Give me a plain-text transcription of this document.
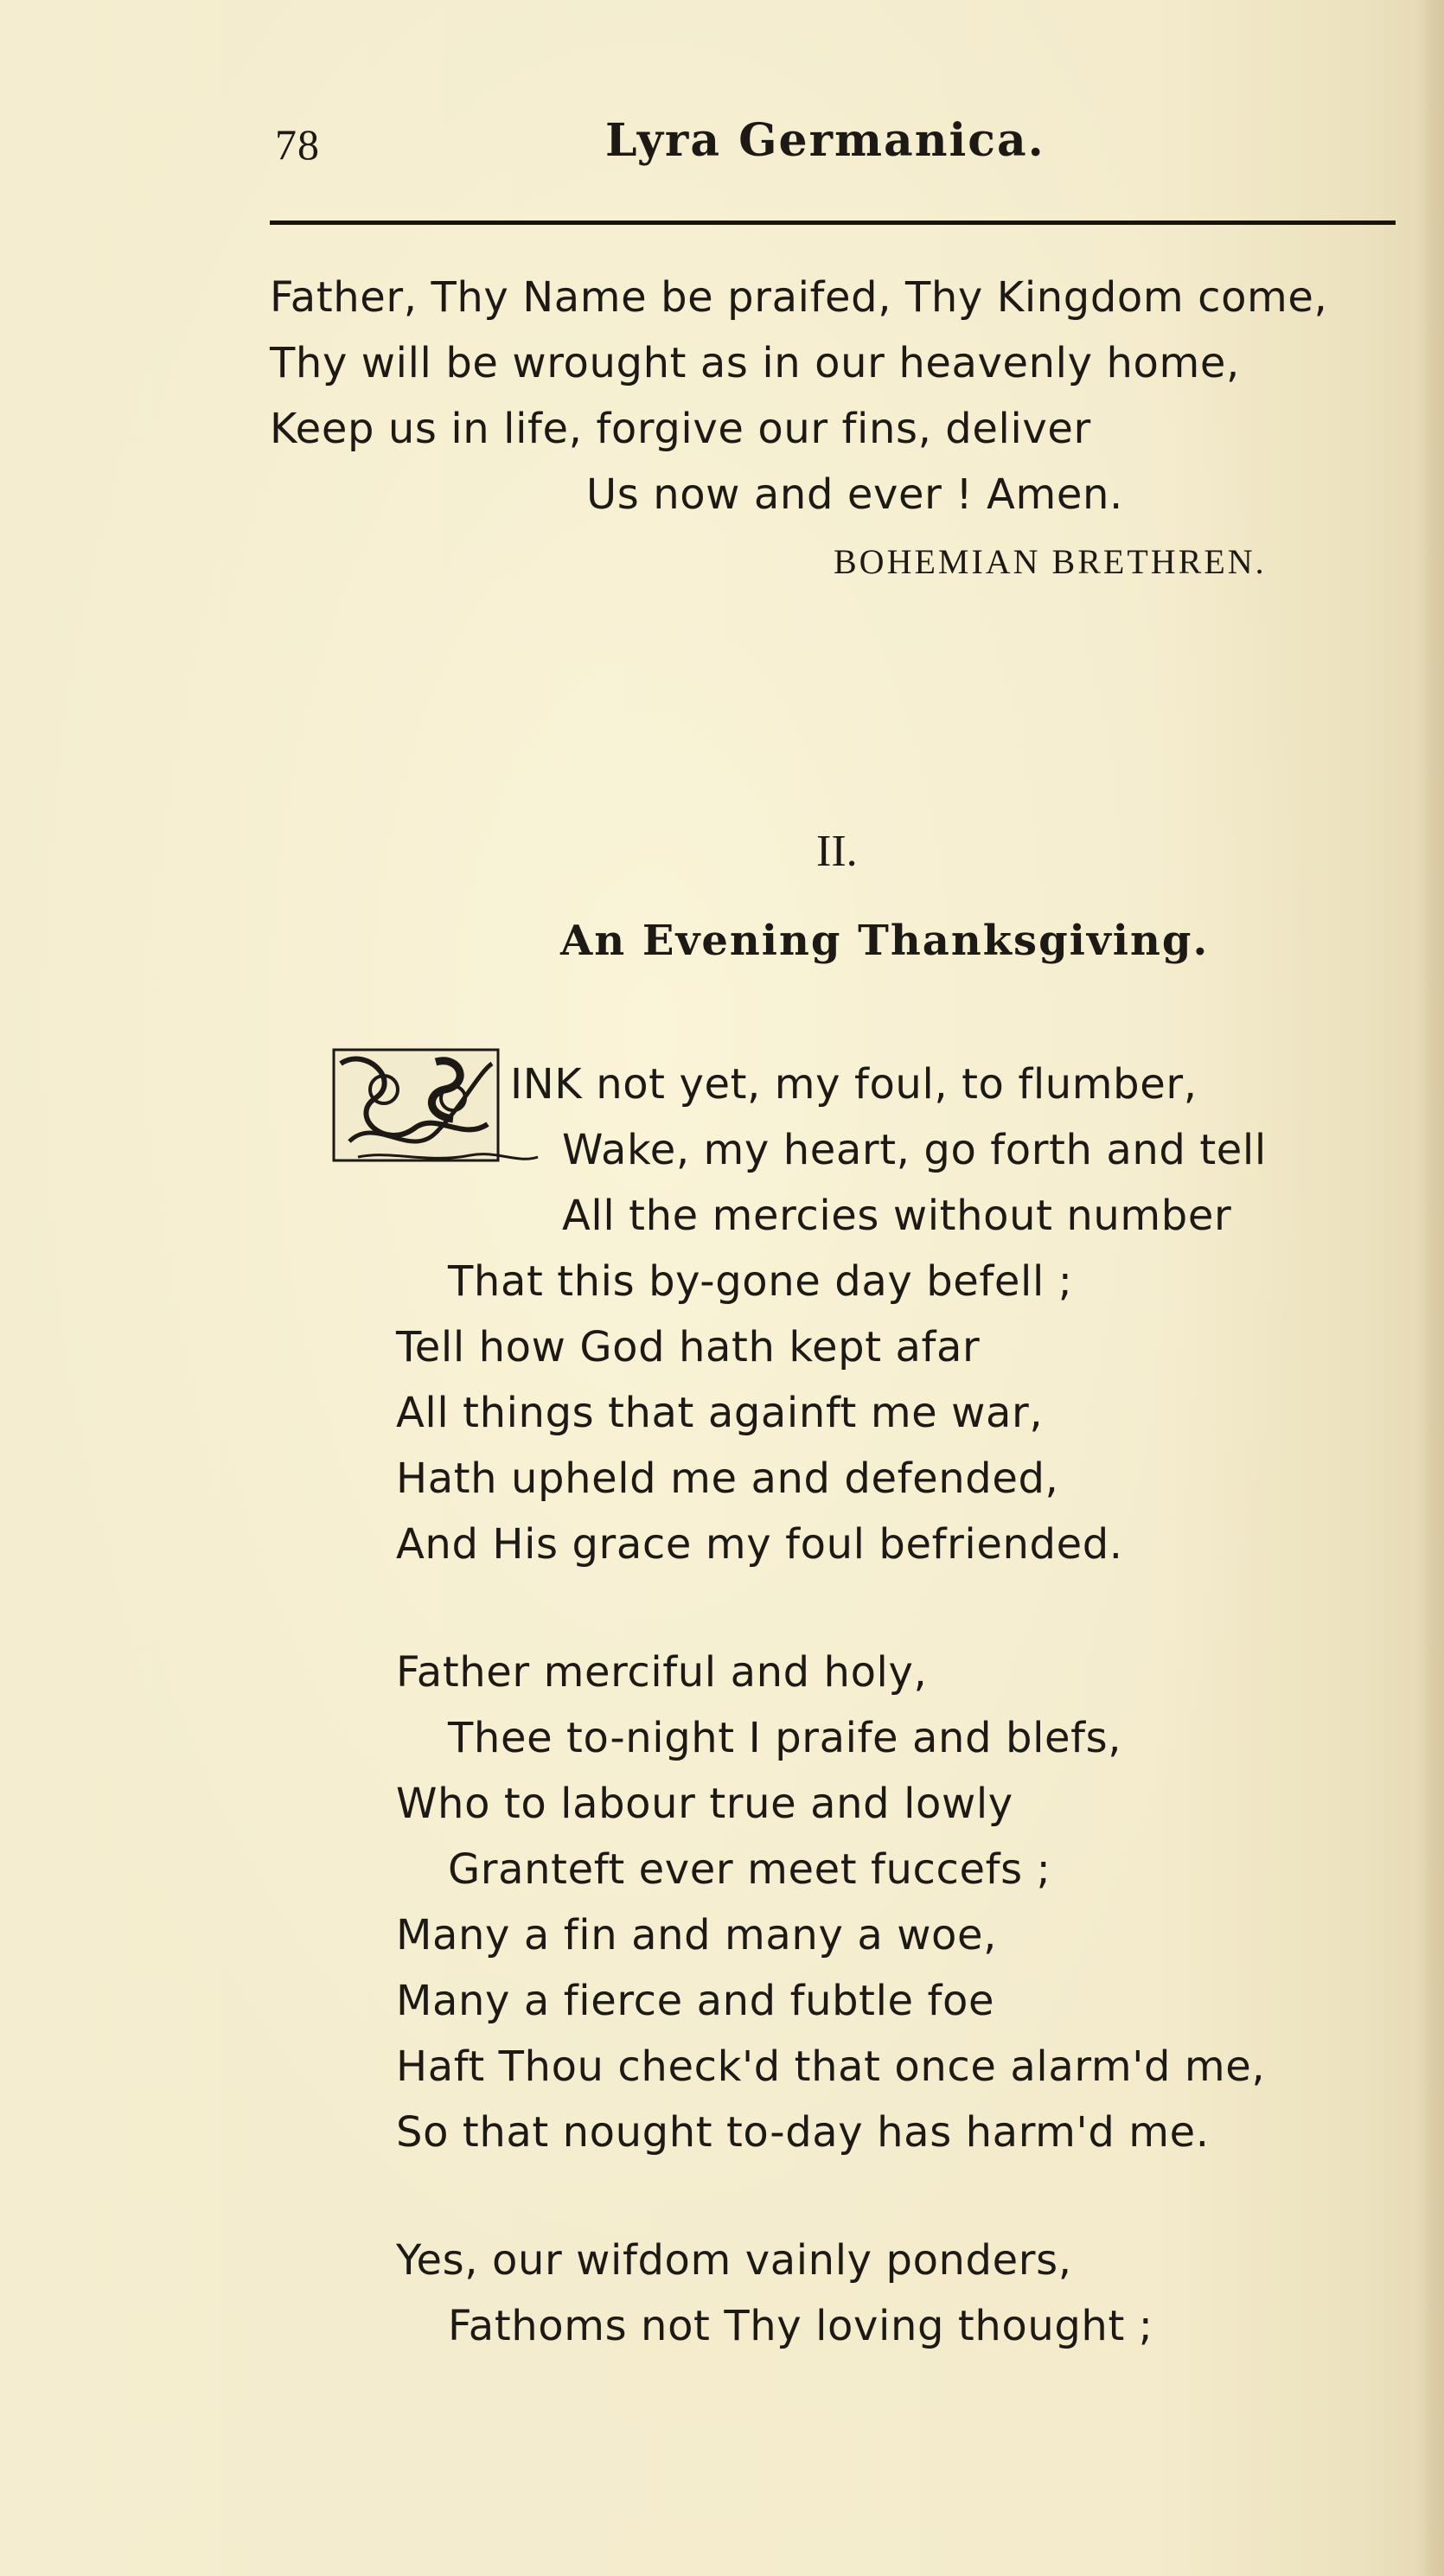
78	Lyra Germanica.
Father, Thy Name be praifed, Thy Kingdom come,
Thy will be wrought as in our heavenly home,
Keep us in life, forgive our fins, deliver
Us now and ever ! Amen.
BOHEMIAN BRETHREN.
II.
An Evening Thanksgiving.
INK not yet, my foul, to flumber,
Wake, my heart, go forth and tell
All the mercies without number
That this by-gone day befell ;
Tell how God hath kept afar
All things that againft me war,
Hath upheld me and defended,
And His grace my foul befriended.
Father merciful and holy,
Thee to-night I praife and blefs,
Who to labour true and lowly
Granteft ever meet fuccefs ;
Many a fin and many a woe,
Many a fierce and fubtle foe
Haft Thou check'd that once alarm'd me,
So that nought to-day has harm'd me.
Yes, our wifdom vainly ponders,
Fathoms not Thy loving thought ;
